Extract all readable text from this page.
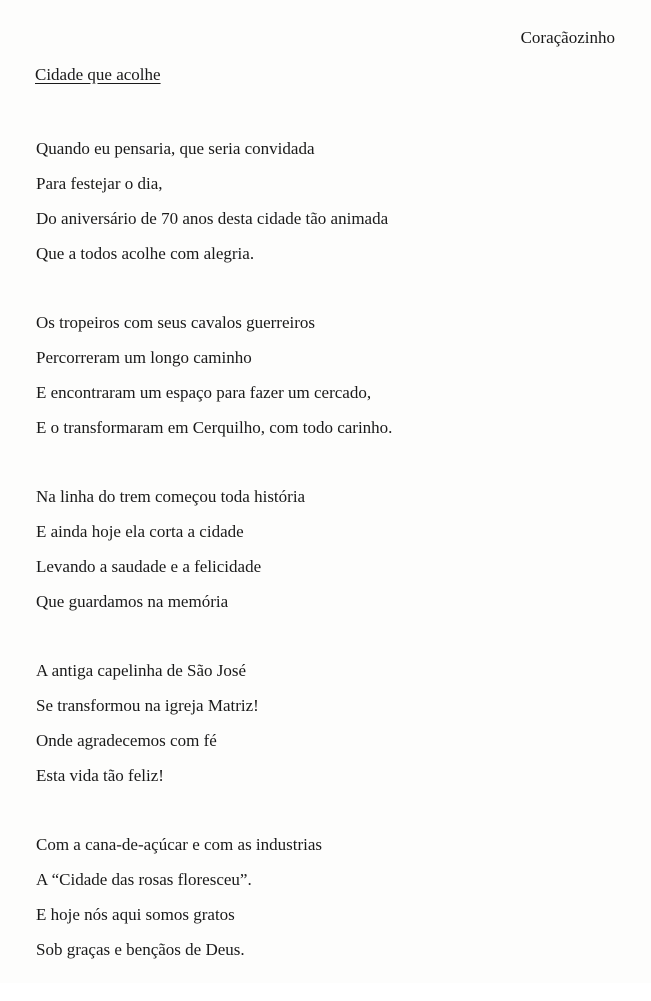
Coraçãozinho
Cidade que acolhe
Quando eu pensaria, que seria convidada
Para festejar o dia,
Do aniversário de 70 anos desta cidade tão animada
Que a todos acolhe com alegria.
Os tropeiros com seus cavalos guerreiros
Percorreram um longo caminho
E encontraram um espaço para fazer um cercado,
E o transformaram em Cerquilho, com todo carinho.
Na linha do trem começou toda história
E ainda hoje ela corta a cidade
Levando a saudade e a felicidade
Que guardamos na memória
A antiga capelinha de São José
Se transformou na igreja Matriz!
Onde agradecemos com fé
Esta vida tão feliz!
Com a cana-de-açúcar e com as industrias
A “Cidade das rosas floresceu”.
E hoje nós aqui somos gratos
Sob graças e bençãos de Deus.
